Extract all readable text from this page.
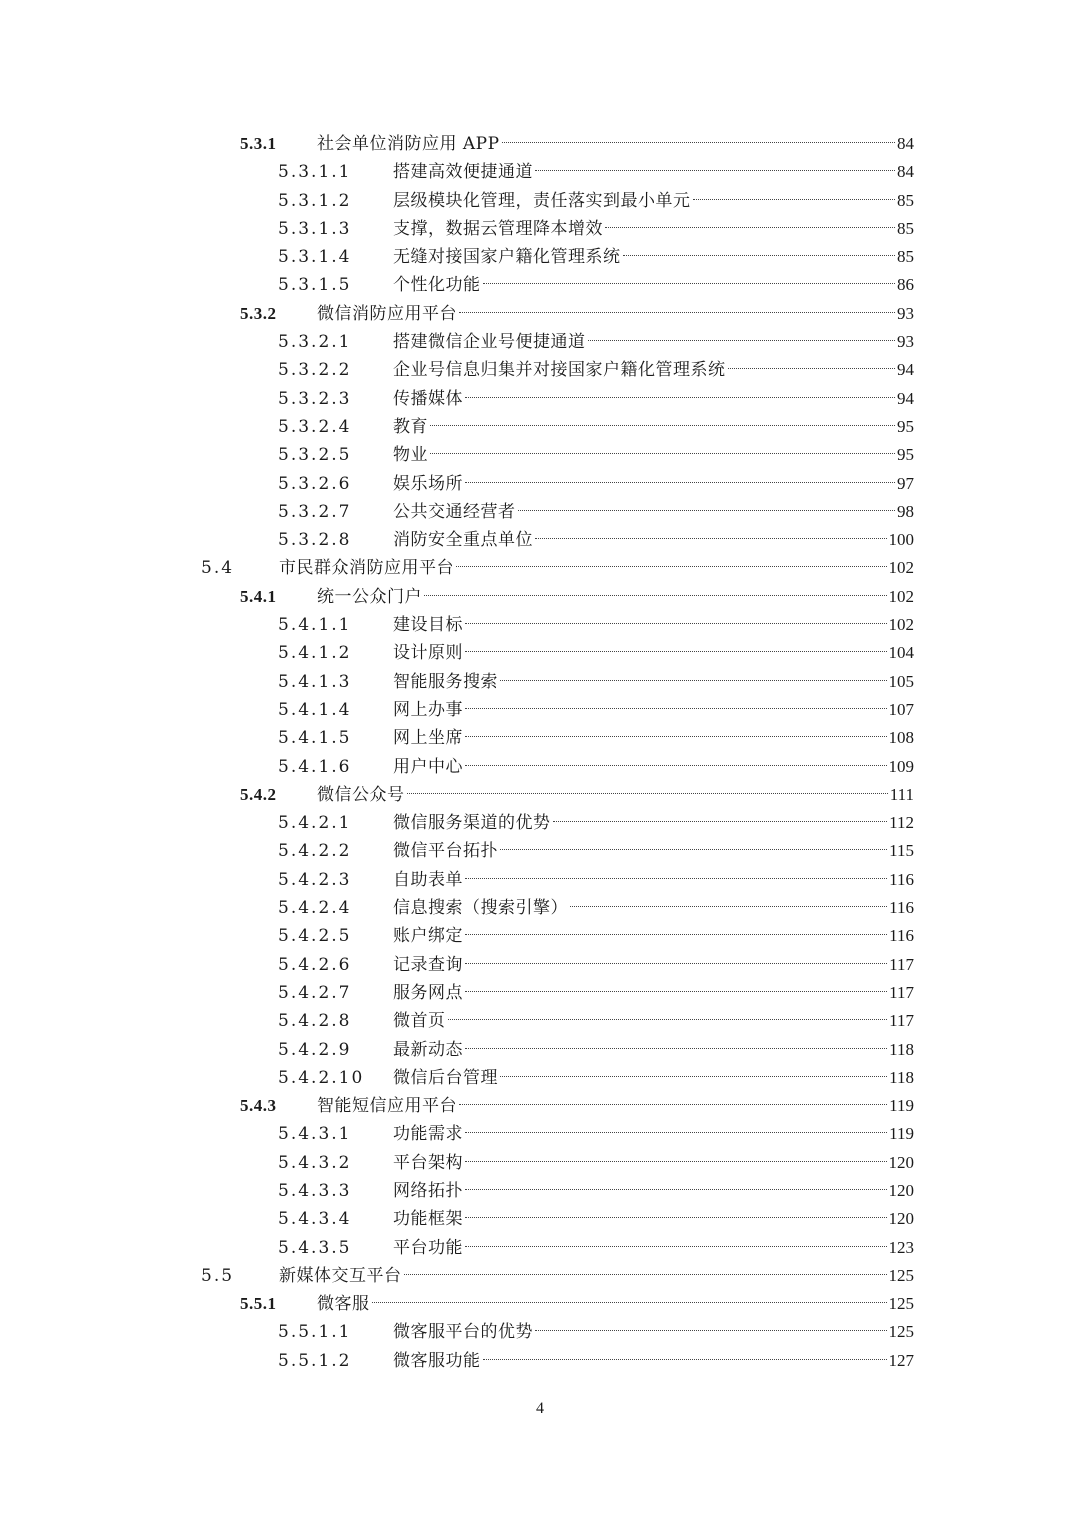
5.3.1 社会单位消防应用 APP	84
5.3.1.1 搭建高效便捷通道	84
5.3.1.2 层级模块化管理，责任落实到最小单元	85
5.3.1.3 支撑，数据云管理降本增效	85
5.3.1.4 无缝对接国家户籍化管理系统	85
5.3.1.5 个性化功能	86
5.3.2 微信消防应用平台	93
5.3.2.1 搭建微信企业号便捷通道	93
5.3.2.2 企业号信息归集并对接国家户籍化管理系统	94
5.3.2.3 传播媒体	94
5.3.2.4 教育	95
5.3.2.5 物业	95
5.3.2.6 娱乐场所	97
5.3.2.7 公共交通经营者	98
5.3.2.8 消防安全重点单位	100
5.4	市民群众消防应用平台	102
5.4.1 统一公众门户	102
5.4.1.1 建设目标	102
5.4.1.2 设计原则	104
5.4.1.3 智能服务搜索	105
5.4.1.4 网上办事	107
5.4.1.5 网上坐席	108
5.4.1.6 用户中心	109
5.4.2 微信公众号	111
5.4.2.1 微信服务渠道的优势	112
5.4.2.2 微信平台拓扑	115
5.4.2.3 自助表单	116
5.4.2.4 信息搜索（搜索引擎）	116
5.4.2.5 账户绑定	116
5.4.2.6 记录查询	117
5.4.2.7 服务网点	117
5.4.2.8 微首页	117
5.4.2.9 最新动态	118
5.4.2.10 微信后台管理	118
5.4.3 智能短信应用平台	119
5.4.3.1 功能需求	119
5.4.3.2 平台架构	120
5.4.3.3 网络拓扑	120
5.4.3.4 功能框架	120
5.4.3.5 平台功能	123
5.5	新媒体交互平台	125
5.5.1 微客服	125
5.5.1.1 微客服平台的优势	125
5.5.1.2 微客服功能	127
4
